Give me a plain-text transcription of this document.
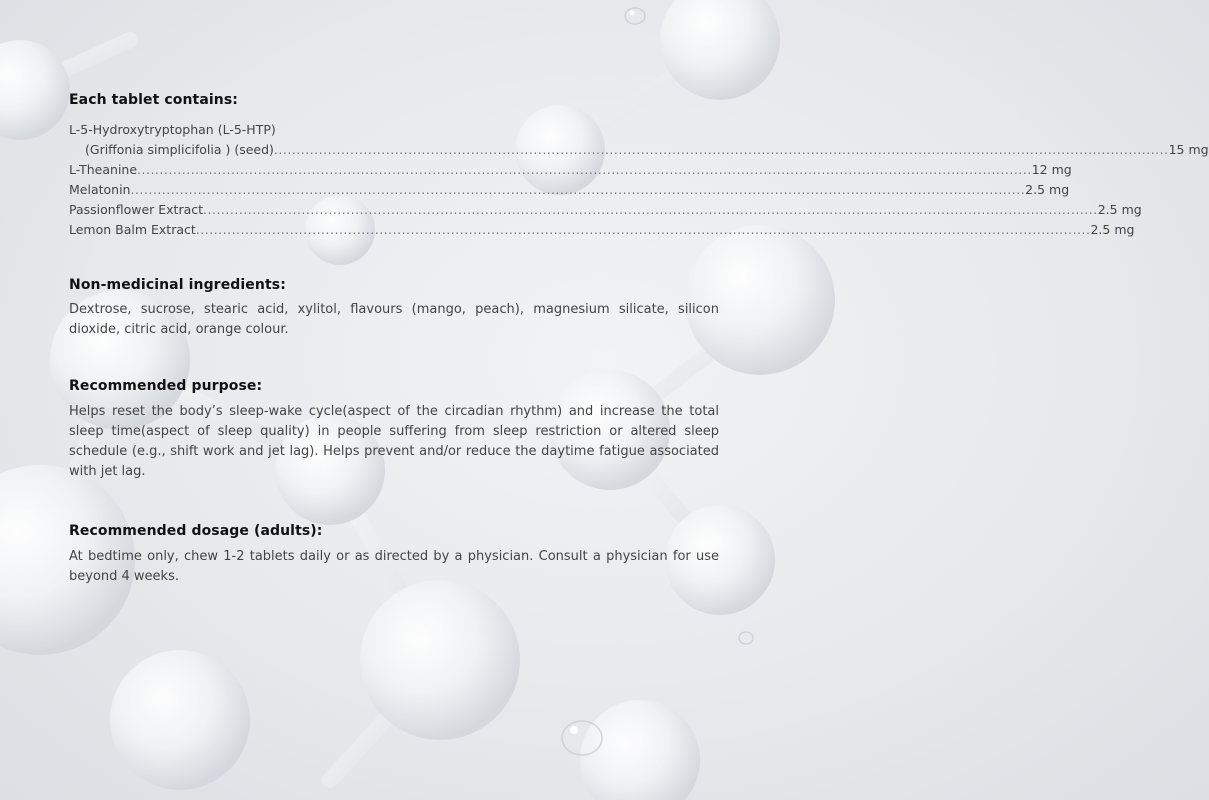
Each tablet contains:
L-5-Hydroxytryptophan (L-5-HTP)
(Griffonia simplicifolia ) (seed) ........................................................................................................................................................................................................ 15 mg
L-Theanine ........................................................................................................................................................................................................ 12 mg
Melatonin ........................................................................................................................................................................................................ 2.5 mg
Passionflower Extract ........................................................................................................................................................................................................ 2.5 mg
Lemon Balm Extract ........................................................................................................................................................................................................ 2.5 mg
Non-medicinal ingredients:

Dextrose, sucrose, stearic acid, xylitol, flavours (mango, peach), magnesium silicate, silicon dioxide, citric acid, orange colour.

Recommended purpose:

Helps reset the body’s sleep-wake cycle(aspect of the circadian rhythm) and increase the total sleep time(aspect of sleep quality) in people suffering from sleep restriction or altered sleep schedule (e.g., shift work and jet lag). Helps prevent and/or reduce the daytime fatigue associated with jet lag.

Recommended dosage (adults):

At bedtime only, chew 1-2 tablets daily or as directed by a physician. Consult a physician for use beyond 4 weeks.
